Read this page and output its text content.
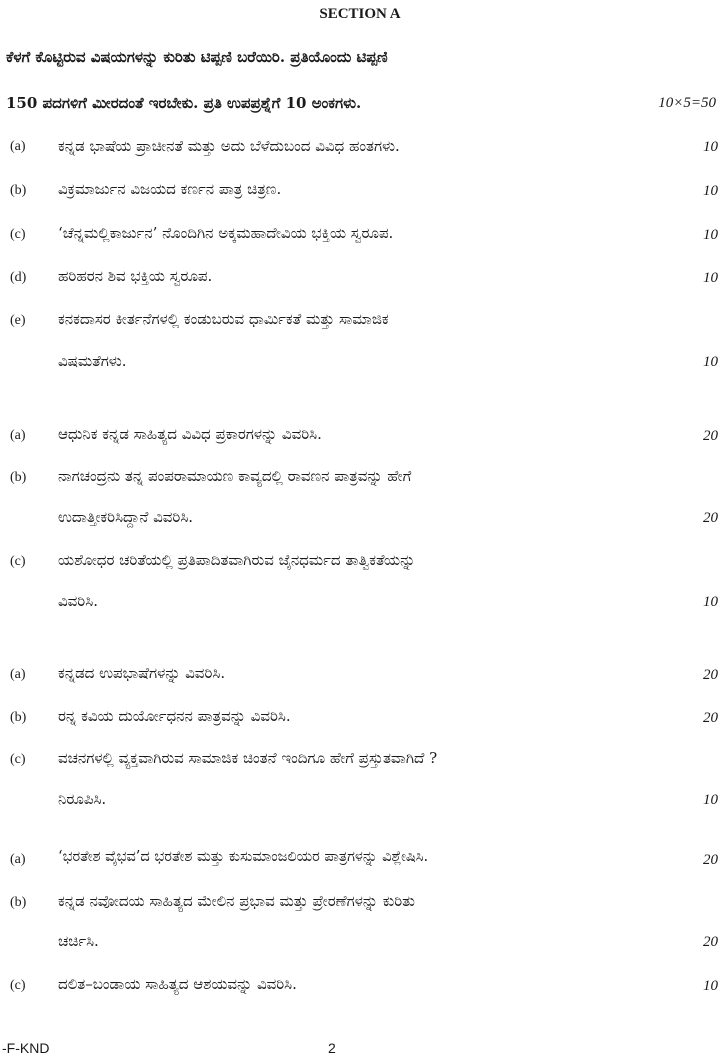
SECTION A
ಕೆಳಗೆ ಕೊಟ್ಟಿರುವ ವಿಷಯಗಳನ್ನು ಕುರಿತು ಟಿಪ್ಪಣಿ ಬರೆಯಿರಿ. ಪ್ರತಿಯೊಂದು ಟಿಪ್ಪಣಿ
150 ಪದಗಳಿಗೆ ಮೀರದಂತೆ ಇರಬೇಕು. ಪ್ರತಿ ಉಪಪ್ರಶ್ನೆಗೆ 10 ಅಂಕಗಳು.	10×5=50
(a) ಕನ್ನಡ ಭಾಷೆಯ ಪ್ರಾಚೀನತೆ ಮತ್ತು ಅದು ಬೆಳೆದುಬಂದ ವಿವಿಧ ಹಂತಗಳು.	10
(b) ವಿಕ್ರಮಾರ್ಜುನ ವಿಜಯದ ಕರ್ಣನ ಪಾತ್ರ ಚಿತ್ರಣ.	10
(c) ‘ಚೆನ್ನಮಲ್ಲಿಕಾರ್ಜುನ’ ನೊಂದಿಗಿನ ಅಕ್ಕಮಹಾದೇವಿಯ ಭಕ್ತಿಯ ಸ್ವರೂಪ.	10
(d) ಹರಿಹರನ ಶಿವ ಭಕ್ತಿಯ ಸ್ವರೂಪ.	10
(e) ಕನಕದಾಸರ ಕೀರ್ತನೆಗಳಲ್ಲಿ ಕಂಡುಬರುವ ಧಾರ್ಮಿಕತೆ ಮತ್ತು ಸಾಮಾಜಿಕ
ವಿಷಮತೆಗಳು.	10
(a) ಆಧುನಿಕ ಕನ್ನಡ ಸಾಹಿತ್ಯದ ವಿವಿಧ ಪ್ರಕಾರಗಳನ್ನು ವಿವರಿಸಿ.	20
(b) ನಾಗಚಂದ್ರನು ತನ್ನ ಪಂಪರಾಮಾಯಣ ಕಾವ್ಯದಲ್ಲಿ ರಾವಣನ ಪಾತ್ರವನ್ನು ಹೇಗೆ
ಉದಾತ್ತೀಕರಿಸಿದ್ದಾನೆ ವಿವರಿಸಿ.	20
(c) ಯಶೋಧರ ಚರಿತೆಯಲ್ಲಿ ಪ್ರತಿಪಾದಿತವಾಗಿರುವ ಜೈನಧರ್ಮದ ತಾತ್ವಿಕತೆಯನ್ನು
ವಿವರಿಸಿ.	10
(a) ಕನ್ನಡದ ಉಪಭಾಷೆಗಳನ್ನು ವಿವರಿಸಿ.	20
(b) ರನ್ನ ಕವಿಯ ದುರ್ಯೋಧನನ ಪಾತ್ರವನ್ನು ವಿವರಿಸಿ.	20
(c) ವಚನಗಳಲ್ಲಿ ವ್ಯಕ್ತವಾಗಿರುವ ಸಾಮಾಜಿಕ ಚಿಂತನೆ ಇಂದಿಗೂ ಹೇಗೆ ಪ್ರಸ್ತುತವಾಗಿದೆ ?
ನಿರೂಪಿಸಿ.	10
(a) ‘ಭರತೇಶ ವೈಭವ’ದ ಭರತೇಶ ಮತ್ತು ಕುಸುಮಾಂಜಲಿಯರ ಪಾತ್ರಗಳನ್ನು ವಿಶ್ಲೇಷಿಸಿ.	20
(b) ಕನ್ನಡ ನವೋದಯ ಸಾಹಿತ್ಯದ ಮೇಲಿನ ಪ್ರಭಾವ ಮತ್ತು ಪ್ರೇರಣೆಗಳನ್ನು ಕುರಿತು
ಚರ್ಚಿಸಿ.	20
(c) ದಲಿತ–ಬಂಡಾಯ ಸಾಹಿತ್ಯದ ಆಶಯವನ್ನು ವಿವರಿಸಿ.	10
-F-KND	2
